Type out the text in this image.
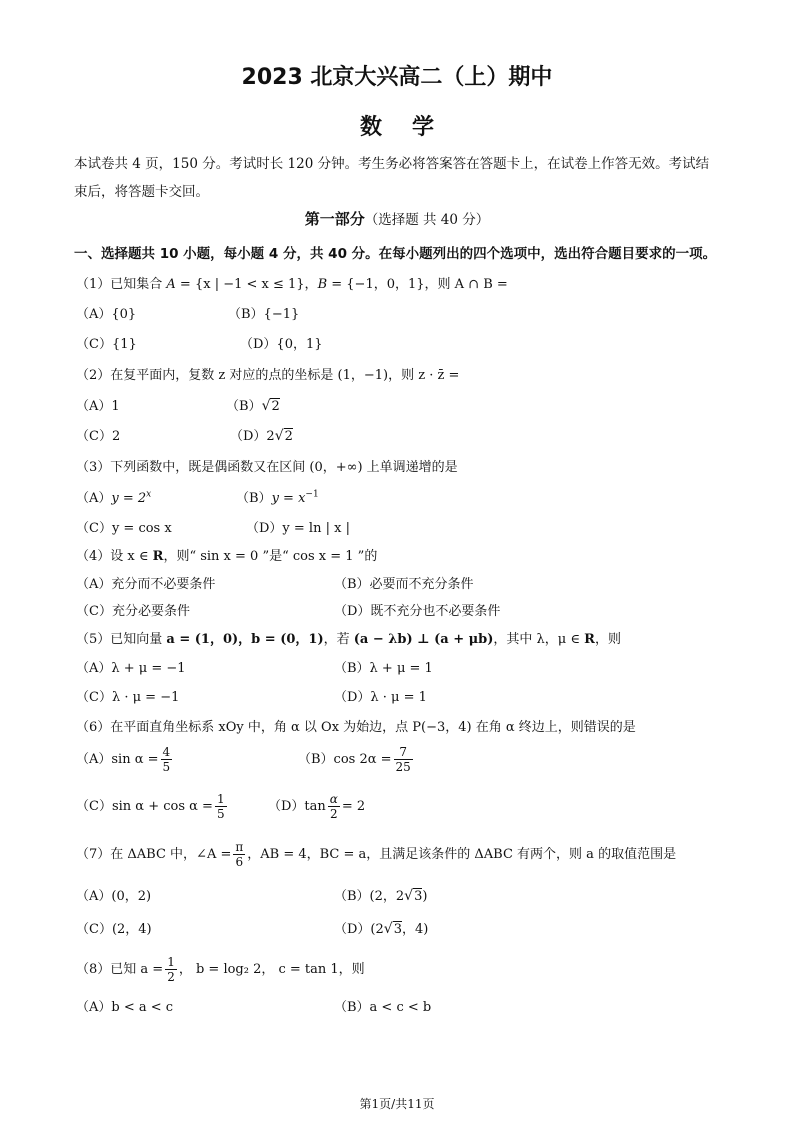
2023 北京大兴高二（上）期中
数学
本试卷共 4 页，150 分。考试时长 120 分钟。考生务必将答案答在答题卡上，在试卷上作答无效。考试结
束后，将答题卡交回。
第一部分（选择题 共 40 分）
一、选择题共 10 小题，每小题 4 分，共 40 分。在每小题列出的四个选项中，选出符合题目要求的一项。
（1）已知集合 A = {x | −1 < x ≤ 1}，B = {−1，0，1}，则 A ∩ B =
（A）{0}	（B）{−1}
（C）{1}	（D）{0，1}
（2）在复平面内，复数 z 对应的点的坐标是 (1，−1)，则 z · z̄ =
（A）1	（B）√2
（C）2	（D）2√2
（3）下列函数中，既是偶函数又在区间 (0，+∞) 上单调递增的是
$(A)y = 2^x$	$(B)y = x^{-1}$
（C）y = cos x	（D）y = ln | x |
（4）设 x ∈ R，则“ sin x = 0 ”是“ cos x = 1 ”的
（A）充分而不必要条件	（B）必要而不充分条件
（C）充分必要条件	（D）既不充分也不必要条件
（5）已知向量 a = (1，0)，b = (0，1)，若 (a − λb) ⊥ (a + μb)，其中 λ，μ ∈ R，则
（A）λ + μ = −1	（B）λ + μ = 1
（C）λ · μ = −1	（D）λ · μ = 1
（6）在平面直角坐标系 xOy 中，角 α 以 Ox 为始边，点 P(−3，4) 在角 α 终边上，则错误的是
（A）sin $\alpha = \frac{4}{5}$	（B）cos $2\alpha = \frac{7}{25}$
（C）sin $\alpha + \cos \alpha = \frac{1}{5}$	$(D)\tan \frac{\alpha}{2} = 2$
（7）在 ΔABC 中，∠A = $\frac{\pi}{6}$ ，AB = 4，BC = a，且满足该条件的 ΔABC 有两个，则 a 的取值范围是
（A）(0，2)	（B）(2，2√3)
（C）(2，4)	（D）(2√3，4)
（8）已知 $a = \frac{1}{2}$ ， b = log₂ 2， c = tan 1，则
（A）b < a < c	（B）a < c < b
第1页/共11页
